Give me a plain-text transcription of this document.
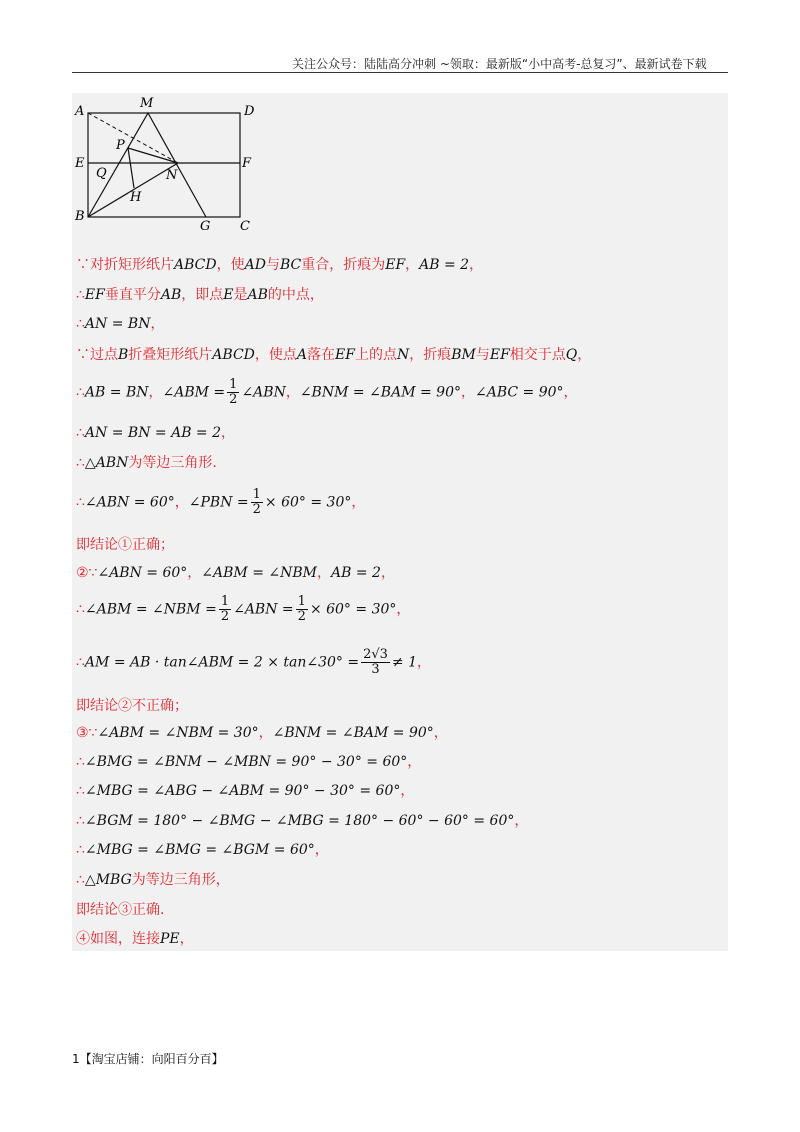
关注公众号：陆陆高分冲刺 ~领取：最新版“小中高考-总复习”、最新试卷下载
A
M
D
P
E	F
Q	N
H
B
G C
∵对折矩形纸片ABCD，使AD与BC重合，折痕为EF，AB = 2，
∴EF垂直平分AB，即点E是AB的中点，
∴AN = BN，
∵过点B折叠矩形纸片ABCD，使点A落在EF上的点N，折痕BM与EF相交于点Q，
∴AB = BN，∠ABM = $\frac{1}{2}$ ∠ABN，∠BNM = ∠BAM = 90°，∠ABC = 90°，
∴AN = BN = AB = 2，
∴△ABN为等边三角形.
∴∠ABN = 60°，∠PBN = $\frac{1}{2} \times 60^\circ = 30^\circ$，
即结论①正确；
②∵∠ABN = 60°，∠ABM = ∠NBM，AB = 2，
∴∠ABM = ∠NBM = $\frac{1}{2}$ ∠ABN = $\frac{1}{2} \times 60^\circ = 30^\circ$，
∴AM = AB · tan∠ABM = 2 × tan∠30° = $\frac{2√3}{3} \ne 1$，
即结论②不正确；
③∵∠ABM = ∠NBM = 30°，∠BNM = ∠BAM = 90°，
∴∠BMG = ∠BNM − ∠MBN = 90° − 30° = 60°，
∴∠MBG = ∠ABG − ∠ABM = 90° − 30° = 60°，
∴∠BGM = 180° − ∠BMG − ∠MBG = 180° − 60° − 60° = 60°，
∴∠MBG = ∠BMG = ∠BGM = 60°，
∴△MBG为等边三角形，
即结论③正确.
④如图，连接PE，
1【淘宝店铺：向阳百分百】
